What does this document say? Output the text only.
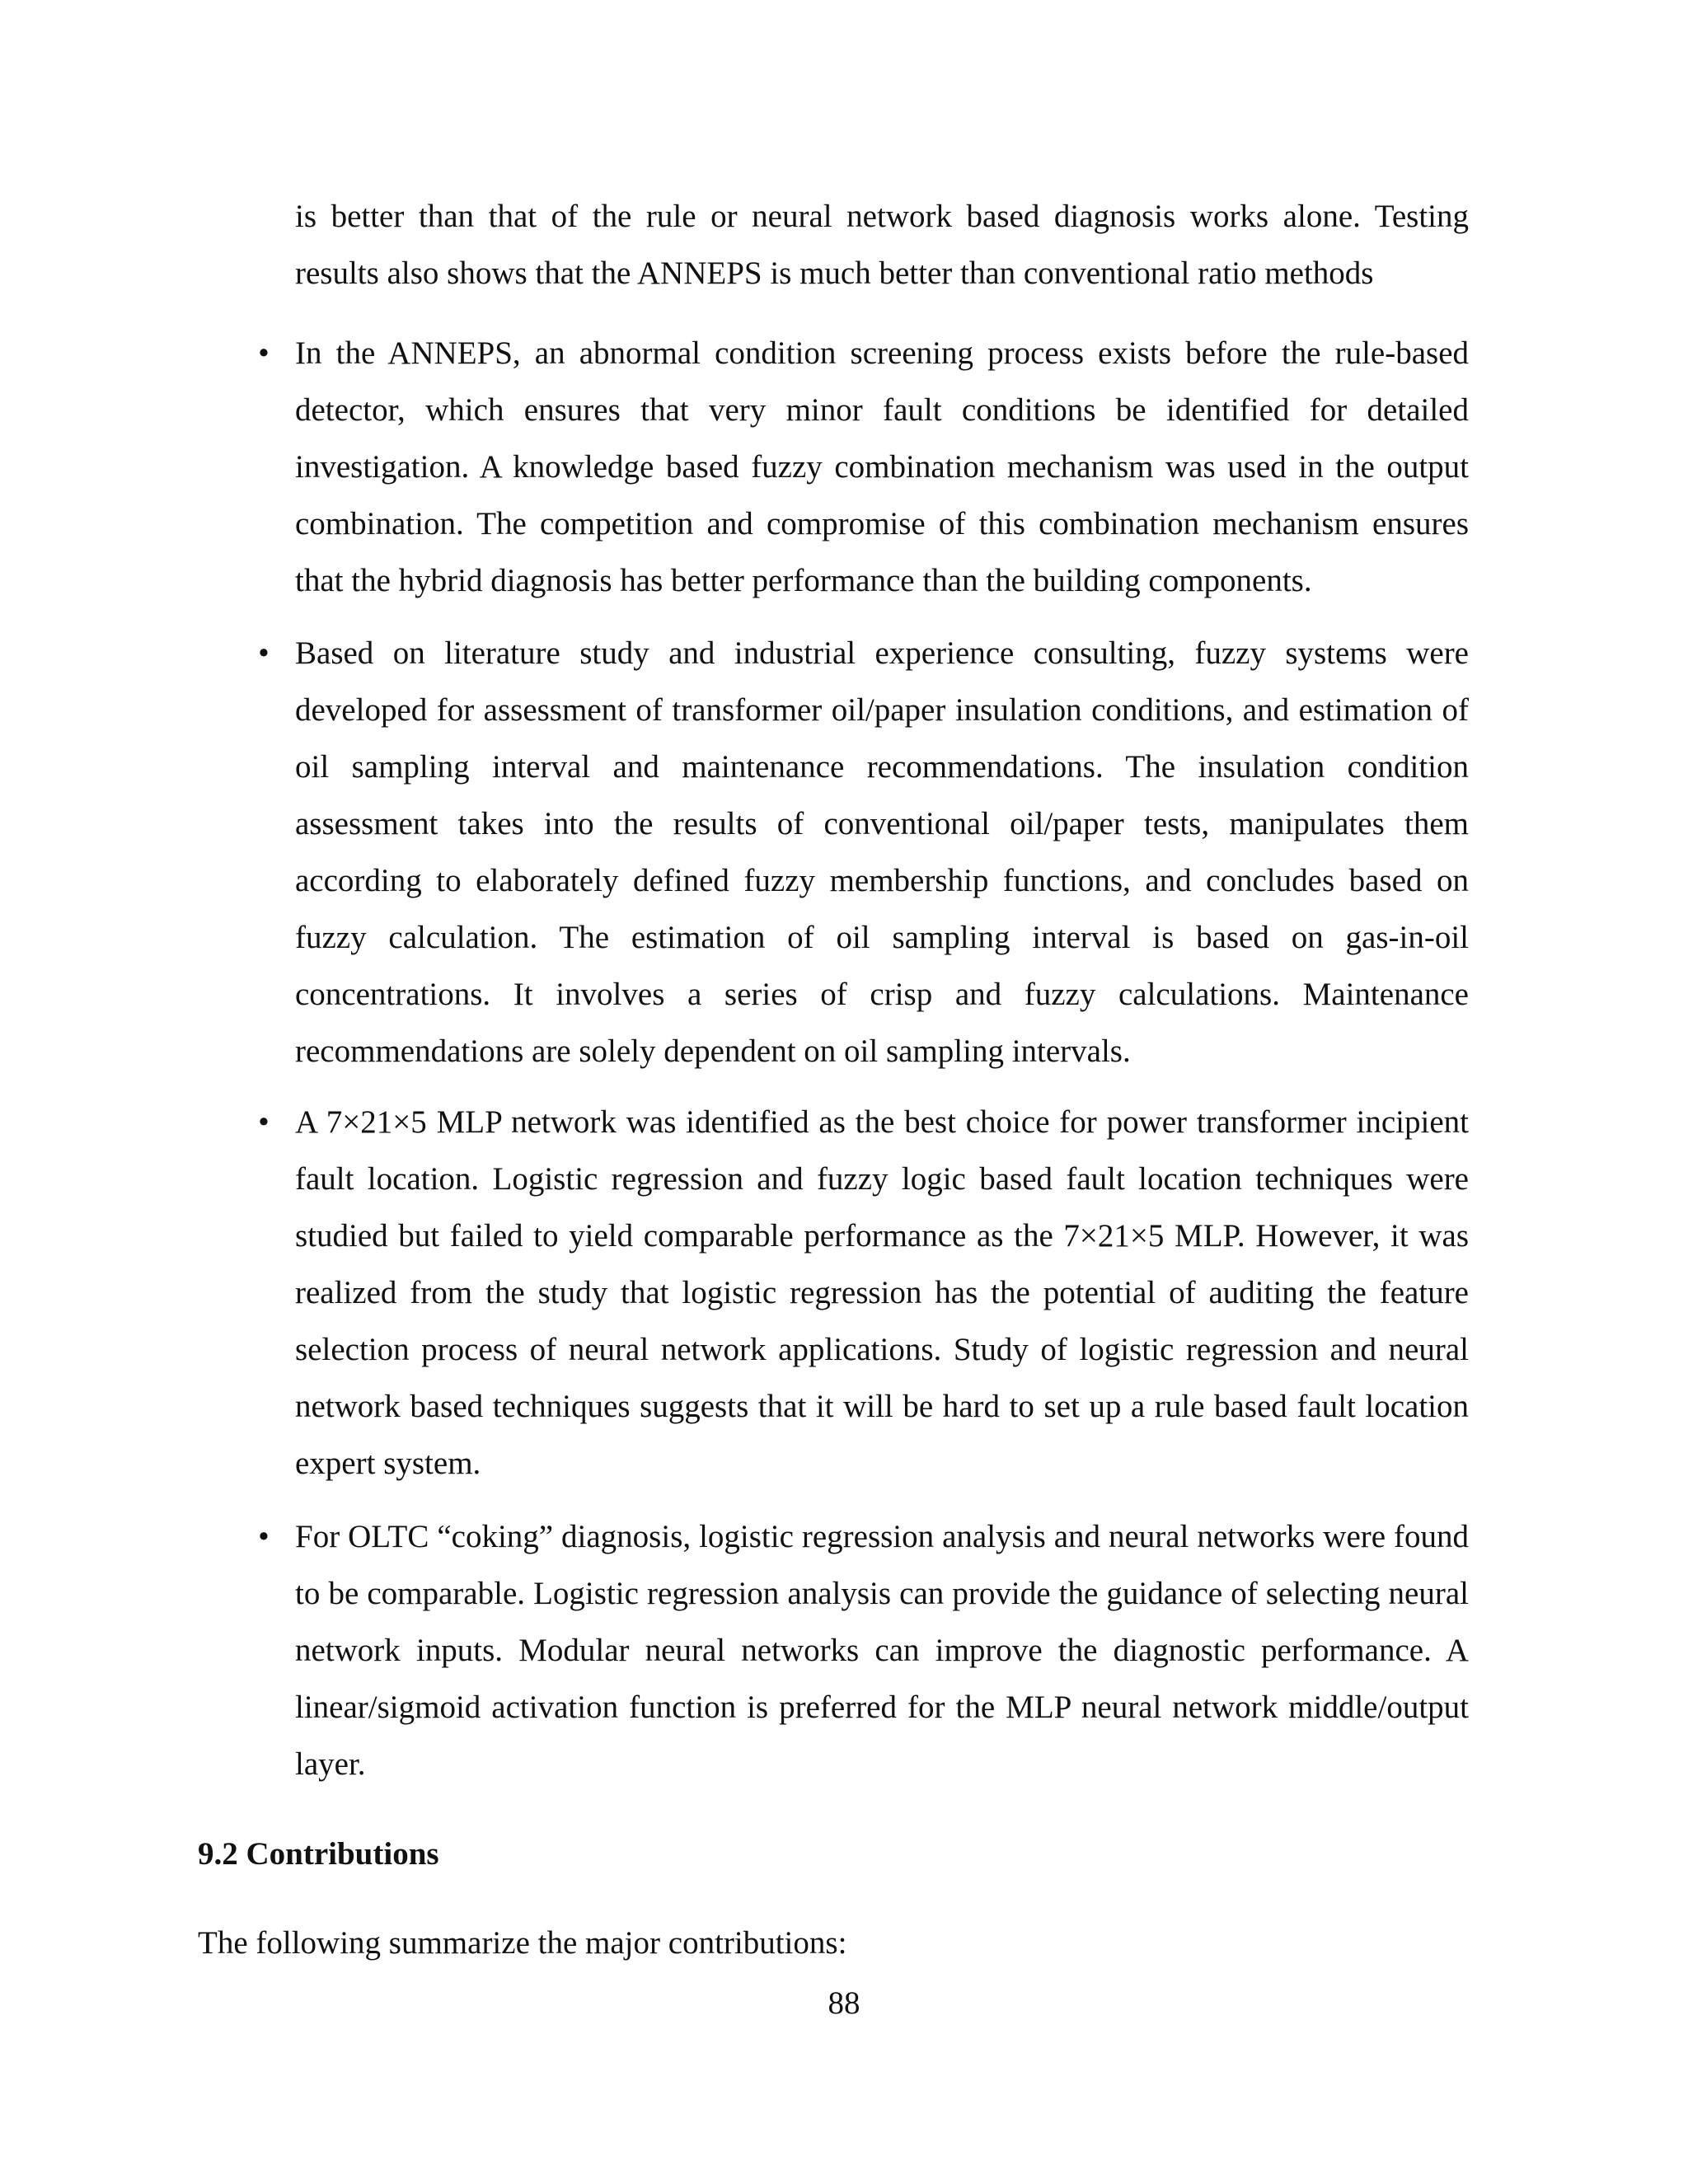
is better than that of the rule or neural network based diagnosis works alone. Testing results also shows that the ANNEPS is much better than conventional ratio methods

• In the ANNEPS, an abnormal condition screening process exists before the rule-based detector, which ensures that very minor fault conditions be identified for detailed investigation. A knowledge based fuzzy combination mechanism was used in the output combination. The competition and compromise of this combination mechanism ensures that the hybrid diagnosis has better performance than the building components.
• Based on literature study and industrial experience consulting, fuzzy systems were developed for assessment of transformer oil/paper insulation conditions, and estimation of oil sampling interval and maintenance recommendations. The insulation condition assessment takes into the results of conventional oil/paper tests, manipulates them according to elaborately defined fuzzy membership functions, and concludes based on fuzzy calculation. The estimation of oil sampling interval is based on gas-in-oil concentrations. It involves a series of crisp and fuzzy calculations. Maintenance recommendations are solely dependent on oil sampling intervals.
• A 7×21×5 MLP network was identified as the best choice for power transformer incipient fault location. Logistic regression and fuzzy logic based fault location techniques were studied but failed to yield comparable performance as the 7×21×5 MLP. However, it was realized from the study that logistic regression has the potential of auditing the feature selection process of neural network applications. Study of logistic regression and neural network based techniques suggests that it will be hard to set up a rule based fault location expert system.
• For OLTC “coking” diagnosis, logistic regression analysis and neural networks were found to be comparable. Logistic regression analysis can provide the guidance of selecting neural network inputs. Modular neural networks can improve the diagnostic performance. A linear/sigmoid activation function is preferred for the MLP neural network middle/output layer.
9.2 Contributions

The following summarize the major contributions:

88
